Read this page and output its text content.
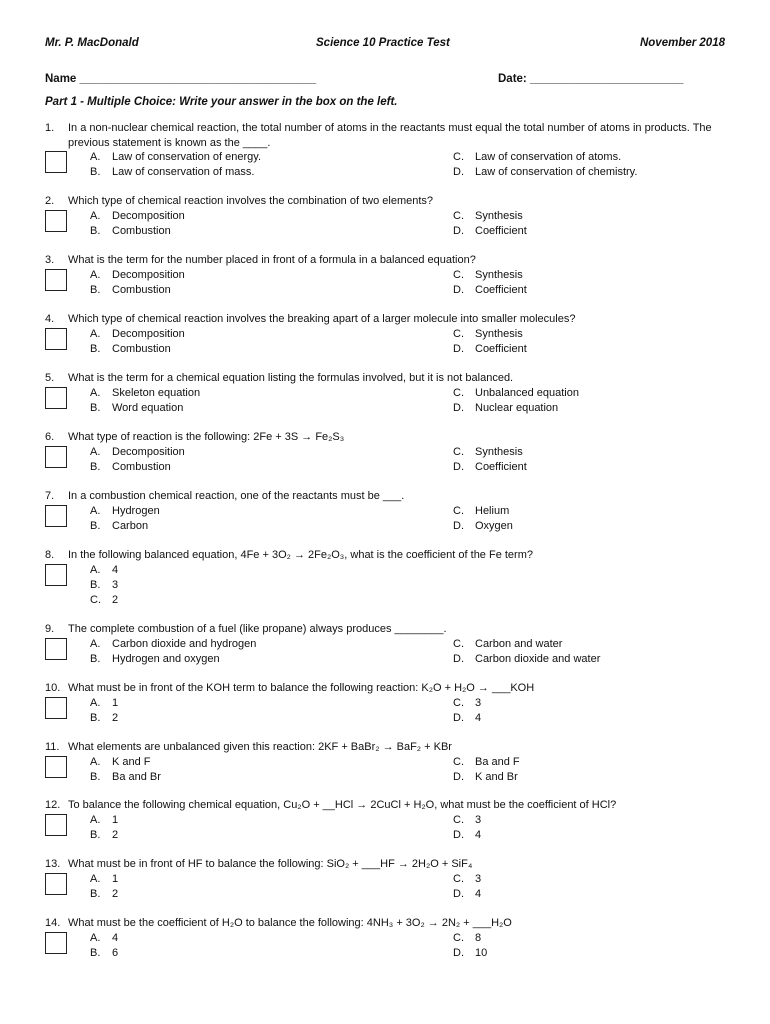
Mr. P. MacDonald	Science 10 Practice Test	November 2018
Name _____________________________________	Date: ________________________
Part 1 - Multiple Choice: Write your answer in the box on the left.
1. In a non-nuclear chemical reaction, the total number of atoms in the reactants must equal the total number of atoms in products. The previous statement is known as the ____.
A. Law of conservation of energy.
B. Law of conservation of mass.
C. Law of conservation of atoms.
D. Law of conservation of chemistry.
2. Which type of chemical reaction involves the combination of two elements?
A. Decomposition
B. Combustion
C. Synthesis
D. Coefficient
3. What is the term for the number placed in front of a formula in a balanced equation?
A. Decomposition
B. Combustion
C. Synthesis
D. Coefficient
4. Which type of chemical reaction involves the breaking apart of a larger molecule into smaller molecules?
A. Decomposition
B. Combustion
C. Synthesis
D. Coefficient
5. What is the term for a chemical equation listing the formulas involved, but it is not balanced.
A. Skeleton equation
B. Word equation
C. Unbalanced equation
D. Nuclear equation
6. What type of reaction is the following: 2Fe + 3S → Fe₂S₃
A. Decomposition
B. Combustion
C. Synthesis
D. Coefficient
7. In a combustion chemical reaction, one of the reactants must be ___.
A. Hydrogen
B. Carbon
C. Helium
D. Oxygen
8. In the following balanced equation, 4Fe + 3O₂ → 2Fe₂O₃, what is the coefficient of the Fe term?
A. 4
B. 3
C. 2
9. The complete combustion of a fuel (like propane) always produces ________.
A. Carbon dioxide and hydrogen
B. Hydrogen and oxygen
C. Carbon and water
D. Carbon dioxide and water
10. What must be in front of the KOH term to balance the following reaction: K₂O + H₂O → ___KOH
A. 1
B. 2
C. 3
D. 4
11. What elements are unbalanced given this reaction: 2KF + BaBr₂ → BaF₂ + KBr
A. K and F
B. Ba and Br
C. Ba and F
D. K and Br
12. To balance the following chemical equation, Cu₂O + __HCl → 2CuCl + H₂O, what must be the coefficient of HCl?
A. 1
B. 2
C. 3
D. 4
13. What must be in front of HF to balance the following: SiO₂ + ___HF → 2H₂O + SiF₄
A. 1
B. 2
C. 3
D. 4
14. What must be the coefficient of H₂O to balance the following: 4NH₃ + 3O₂ → 2N₂ + ___H₂O
A. 4
B. 6
C. 8
D. 10
